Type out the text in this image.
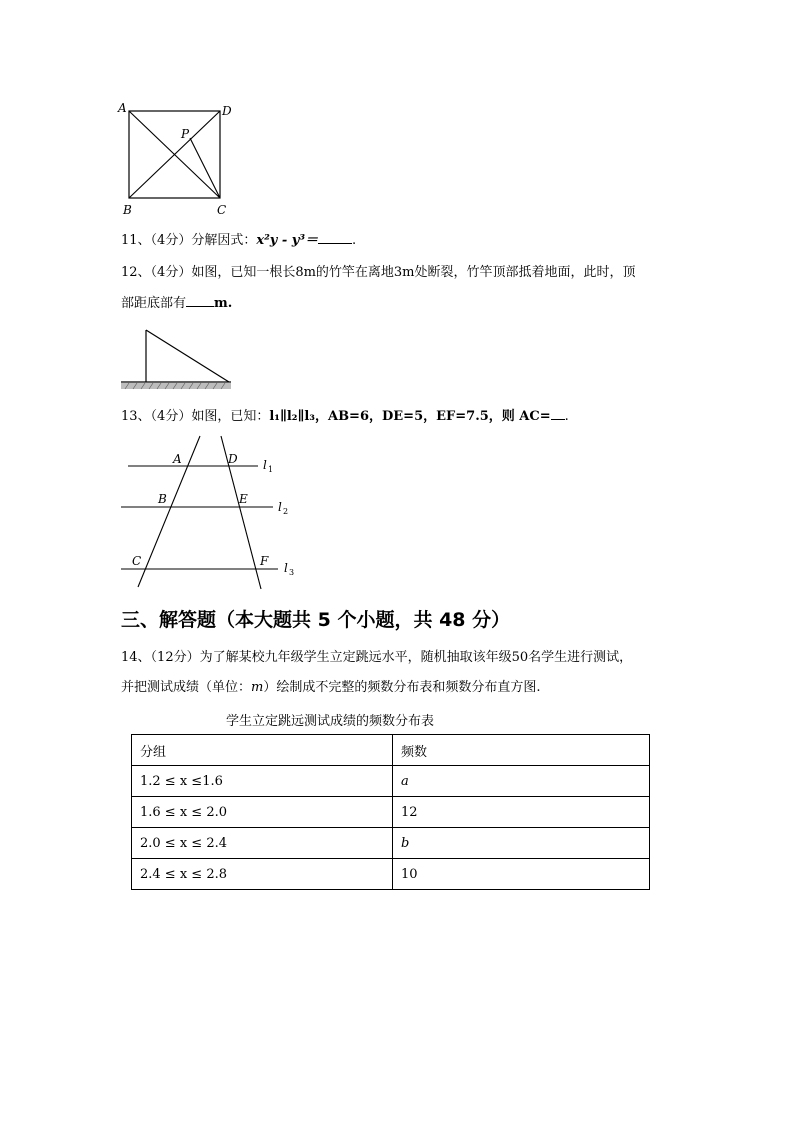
A	D
P
B	C
11、（4分）分解因式：x²y - y³＝	.
12、（4分）如图，已知一根长8m的竹竿在离地3m处断裂，竹竿顶部抵着地面，此时，顶
部距底部有 m.
13、（4分）如图，已知：l₁∥l₂∥l₃，AB=6，DE=5，EF=7.5，则 AC= .
A	D
B	E
C	F
l 1
l 2
l 3
三、解答题（本大题共 5 个小题，共 48 分）
14、（12分）为了解某校九年级学生立定跳远水平，随机抽取该年级50名学生进行测试，
并把测试成绩（单位：m）绘制成不完整的频数分布表和频数分布直方图.
学生立定跳远测试成绩的频数分布表
分组	频数
1.2 ≤ x ≤1.6	a
1.6 ≤ x ≤ 2.0	12
2.0 ≤ x ≤ 2.4	b
2.4 ≤ x ≤ 2.8	10
